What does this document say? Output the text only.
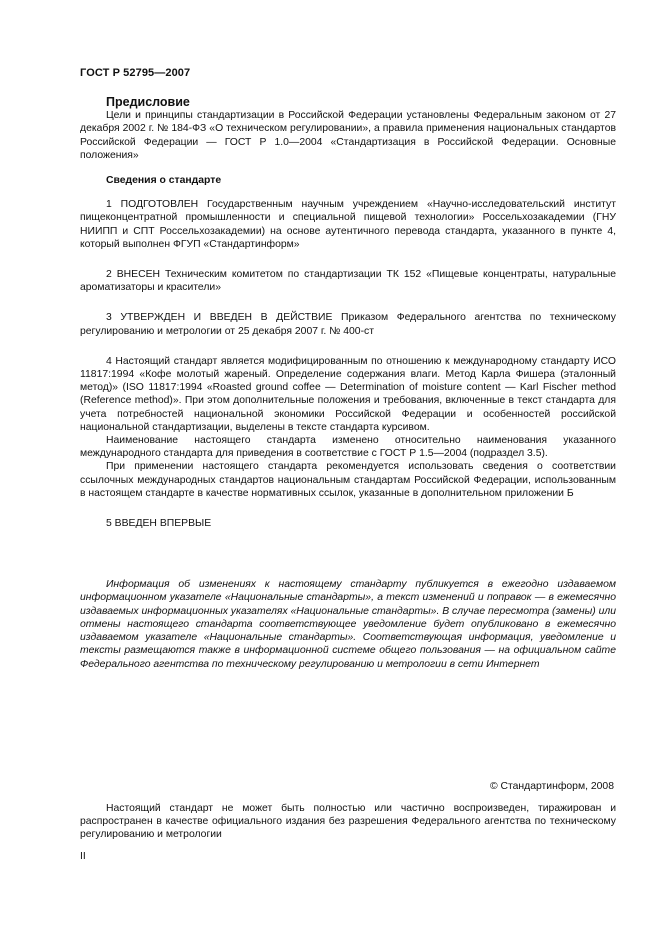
ГОСТ Р 52795—2007

Предисловие

Цели и принципы стандартизации в Российской Федерации установлены Федеральным законом от 27 декабря 2002 г. № 184-ФЗ «О техническом регулировании», а правила применения национальных стандартов Российской Федерации — ГОСТ Р 1.0—2004 «Стандартизация в Российской Федерации. Основные положения»

Сведения о стандарте

1 ПОДГОТОВЛЕН Государственным научным учреждением «Научно-исследовательский институт пищеконцентратной промышленности и специальной пищевой технологии» Россельхозакадемии (ГНУ НИИПП и СПТ Россельхозакадемии) на основе аутентичного перевода стандарта, указанного в пункте 4, который выполнен ФГУП «Стандартинформ»

2 ВНЕСЕН Техническим комитетом по стандартизации ТК 152 «Пищевые концентраты, натуральные ароматизаторы и красители»

3 УТВЕРЖДЕН И ВВЕДЕН В ДЕЙСТВИЕ Приказом Федерального агентства по техническому регулированию и метрологии от 25 декабря 2007 г. № 400-ст

4 Настоящий стандарт является модифицированным по отношению к международному стандарту ИСО 11817:1994 «Кофе молотый жареный. Определение содержания влаги. Метод Карла Фишера (эталонный метод)» (ISO 11817:1994 «Roasted ground coffee — Determination of moisture content — Karl Fischer method (Reference method)». При этом дополнительные положения и требования, включенные в текст стандарта для учета потребностей национальной экономики Российской Федерации и особенностей российской национальной стандартизации, выделены в тексте стандарта курсивом.

Наименование настоящего стандарта изменено относительно наименования указанного международного стандарта для приведения в соответствие с ГОСТ Р 1.5—2004 (подраздел 3.5).

При применении настоящего стандарта рекомендуется использовать сведения о соответствии ссылочных международных стандартов национальным стандартам Российской Федерации, использованным в настоящем стандарте в качестве нормативных ссылок, указанные в дополнительном приложении Б

5 ВВЕДЕН ВПЕРВЫЕ

Информация об изменениях к настоящему стандарту публикуется в ежегодно издаваемом информационном указателе «Национальные стандарты», а текст изменений и поправок — в ежемесячно издаваемых информационных указателях «Национальные стандарты». В случае пересмотра (замены) или отмены настоящего стандарта соответствующее уведомление будет опубликовано в ежемесячно издаваемом указателе «Национальные стандарты». Соответствующая информация, уведомление и тексты размещаются также в информационной системе общего пользования — на официальном сайте Федерального агентства по техническому регулированию и метрологии в сети Интернет

© Стандартинформ, 2008

Настоящий стандарт не может быть полностью или частично воспроизведен, тиражирован и распространен в качестве официального издания без разрешения Федерального агентства по техническому регулированию и метрологии

II
